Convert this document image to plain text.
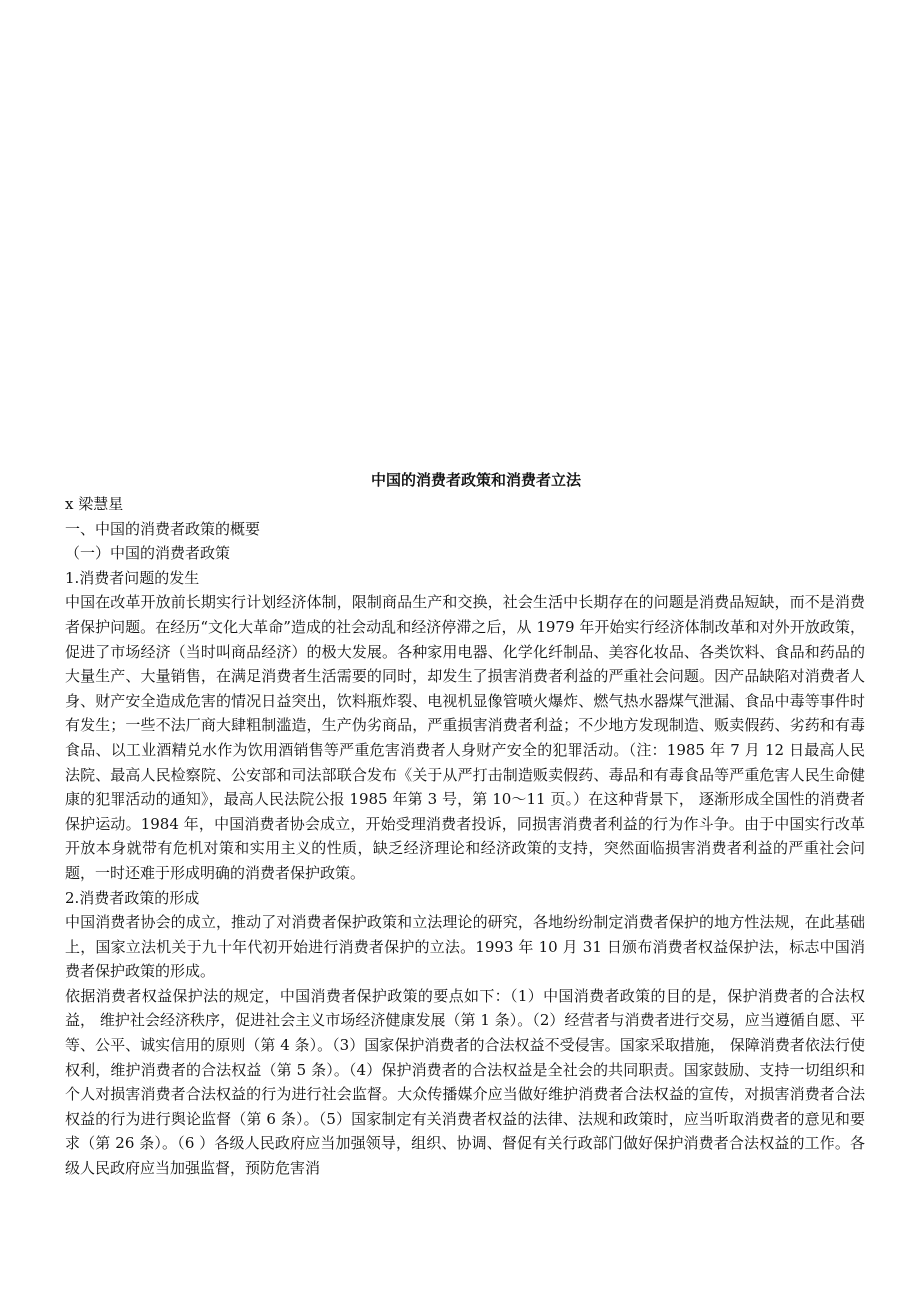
中国的消费者政策和消费者立法

x 梁慧星

一、中国的消费者政策的概要

（一）中国的消费者政策

1.消费者问题的发生

中国在改革开放前长期实行计划经济体制，限制商品生产和交换，社会生活中长期存在的问题是消费品短缺，而不是消费者保护问题。在经历“文化大革命”造成的社会动乱和经济停滞之后，从 1979 年开始实行经济体制改革和对外开放政策，促进了市场经济（当时叫商品经济）的极大发展。各种家用电器、化学化纤制品、美容化妆品、各类饮料、食品和药品的大量生产、大量销售，在满足消费者生活需要的同时，却发生了损害消费者利益的严重社会问题。因产品缺陷对消费者人身、财产安全造成危害的情况日益突出，饮料瓶炸裂、电视机显像管喷火爆炸、燃气热水器煤气泄漏、食品中毒等事件时有发生；一些不法厂商大肆粗制滥造，生产伪劣商品，严重损害消费者利益；不少地方发现制造、贩卖假药、劣药和有毒食品、以工业酒精兑水作为饮用酒销售等严重危害消费者人身财产安全的犯罪活动。（注：1985 年 7 月 12 日最高人民法院、最高人民检察院、公安部和司法部联合发布《关于从严打击制造贩卖假药、毒品和有毒食品等严重危害人民生命健康的犯罪活动的通知》，最高人民法院公报 1985 年第 3 号，第 10～11 页。）在这种背景下， 逐渐形成全国性的消费者保护运动。1984 年，中国消费者协会成立，开始受理消费者投诉，同损害消费者利益的行为作斗争。由于中国实行改革开放本身就带有危机对策和实用主义的性质，缺乏经济理论和经济政策的支持，突然面临损害消费者利益的严重社会问题，一时还难于形成明确的消费者保护政策。

2.消费者政策的形成

中国消费者协会的成立，推动了对消费者保护政策和立法理论的研究，各地纷纷制定消费者保护的地方性法规，在此基础上，国家立法机关于九十年代初开始进行消费者保护的立法。1993 年 10 月 31 日颁布消费者权益保护法，标志中国消费者保护政策的形成。

依据消费者权益保护法的规定，中国消费者保护政策的要点如下：（1）中国消费者政策的目的是，保护消费者的合法权益， 维护社会经济秩序，促进社会主义市场经济健康发展（第 1 条）。（2）经营者与消费者进行交易，应当遵循自愿、平等、公平、诚实信用的原则（第 4 条）。（3）国家保护消费者的合法权益不受侵害。国家采取措施， 保障消费者依法行使权利，维护消费者的合法权益（第 5 条）。（4）保护消费者的合法权益是全社会的共同职责。国家鼓励、支持一切组织和个人对损害消费者合法权益的行为进行社会监督。大众传播媒介应当做好维护消费者合法权益的宣传，对损害消费者合法权益的行为进行舆论监督（第 6 条）。（5）国家制定有关消费者权益的法律、法规和政策时，应当听取消费者的意见和要求（第 26 条）。（6 ）各级人民政府应当加强领导，组织、协调、督促有关行政部门做好保护消费者合法权益的工作。各级人民政府应当加强监督，预防危害消
